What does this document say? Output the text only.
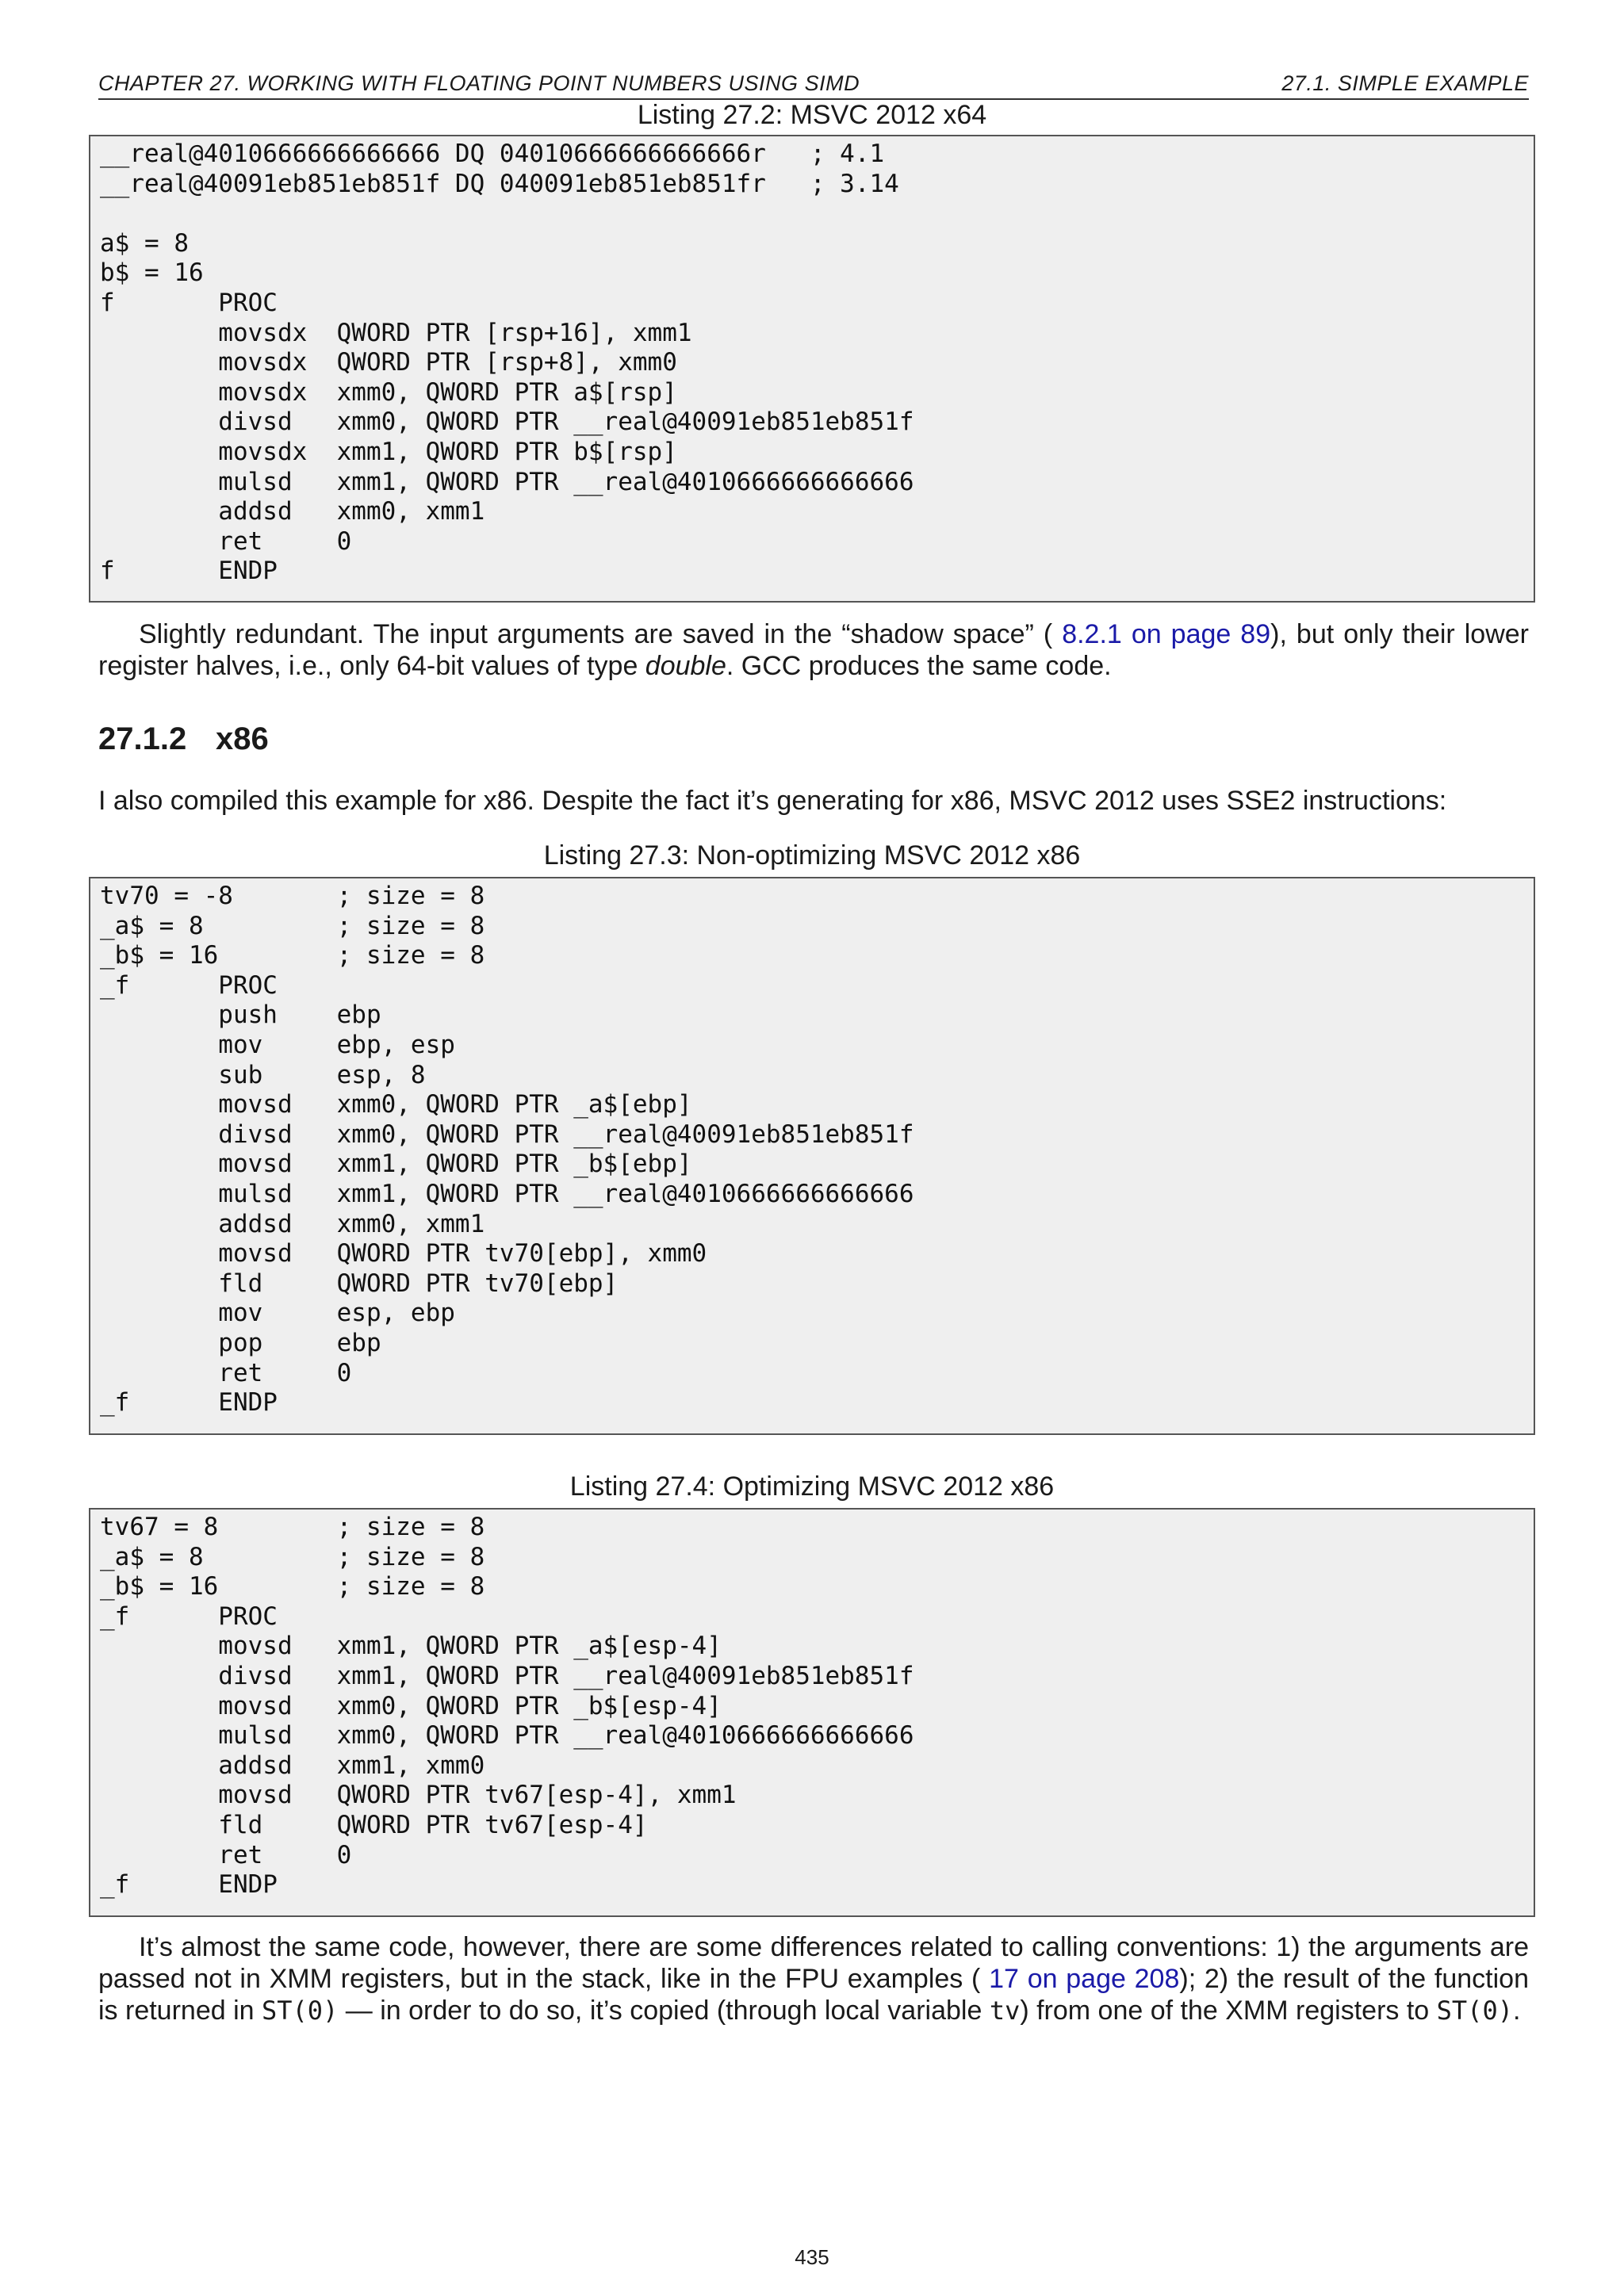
CHAPTER 27. WORKING WITH FLOATING POINT NUMBERS USING SIMD	27.1. SIMPLE EXAMPLE
Listing 27.2: MSVC 2012 x64
__real@4010666666666666 DQ 04010666666666666r   ; 4.1
__real@40091eb851eb851f DQ 040091eb851eb851fr   ; 3.14

a$ = 8
b$ = 16
f       PROC
movsdx  QWORD PTR [rsp+16], xmm1
movsdx  QWORD PTR [rsp+8], xmm0
movsdx  xmm0, QWORD PTR a$[rsp]
divsd   xmm0, QWORD PTR __real@40091eb851eb851f
movsdx  xmm1, QWORD PTR b$[rsp]
mulsd   xmm1, QWORD PTR __real@4010666666666666
addsd   xmm0, xmm1
ret     0
f       ENDP

Slightly redundant. The input arguments are saved in the “shadow space” ( 8.2.1 on page 89), but only their lower register halves, i.e., only 64-bit values of type double. GCC produces the same code.

27.1.2 x86

I also compiled this example for x86. Despite the fact it’s generating for x86, MSVC 2012 uses SSE2 instructions:

Listing 27.3: Non-optimizing MSVC 2012 x86
tv70 = -8       ; size = 8
_a$ = 8         ; size = 8
_b$ = 16        ; size = 8
_f      PROC
push    ebp
mov     ebp, esp
sub     esp, 8
movsd   xmm0, QWORD PTR _a$[ebp]
divsd   xmm0, QWORD PTR __real@40091eb851eb851f
movsd   xmm1, QWORD PTR _b$[ebp]
mulsd   xmm1, QWORD PTR __real@4010666666666666
addsd   xmm0, xmm1
movsd   QWORD PTR tv70[ebp], xmm0
fld     QWORD PTR tv70[ebp]
mov     esp, ebp
pop     ebp
ret     0
_f      ENDP
Listing 27.4: Optimizing MSVC 2012 x86
tv67 = 8        ; size = 8
_a$ = 8         ; size = 8
_b$ = 16        ; size = 8
_f      PROC
movsd   xmm1, QWORD PTR _a$[esp-4]
divsd   xmm1, QWORD PTR __real@40091eb851eb851f
movsd   xmm0, QWORD PTR _b$[esp-4]
mulsd   xmm0, QWORD PTR __real@4010666666666666
addsd   xmm1, xmm0
movsd   QWORD PTR tv67[esp-4], xmm1
fld     QWORD PTR tv67[esp-4]
ret     0
_f      ENDP

It’s almost the same code, however, there are some differences related to calling conventions: 1) the arguments are passed not in XMM registers, but in the stack, like in the FPU examples ( 17 on page 208); 2) the result of the function is returned in ST(0) — in order to do so, it’s copied (through local variable tv) from one of the XMM registers to ST(0).

435
